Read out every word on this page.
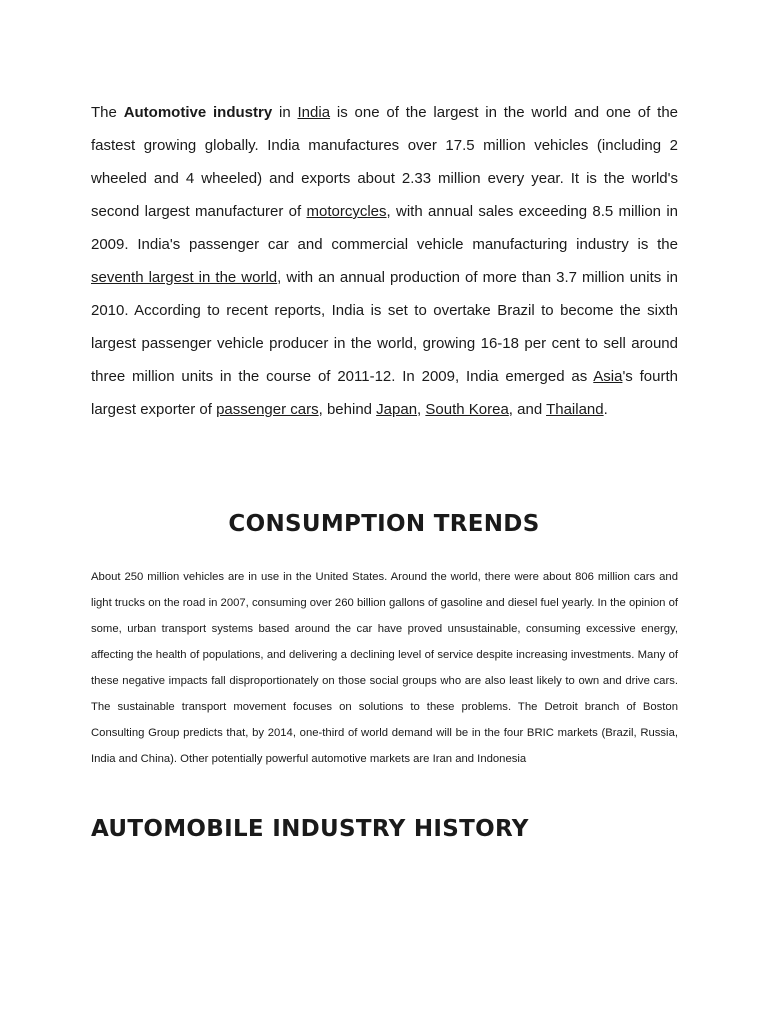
The Automotive industry in India is one of the largest in the world and one of the fastest growing globally. India manufactures over 17.5 million vehicles (including 2 wheeled and 4 wheeled) and exports about 2.33 million every year. It is the world's second largest manufacturer of motorcycles, with annual sales exceeding 8.5 million in 2009. India's passenger car and commercial vehicle manufacturing industry is the seventh largest in the world, with an annual production of more than 3.7 million units in 2010. According to recent reports, India is set to overtake Brazil to become the sixth largest passenger vehicle producer in the world, growing 16-18 per cent to sell around three million units in the course of 2011-12. In 2009, India emerged as Asia's fourth largest exporter of passenger cars, behind Japan, South Korea, and Thailand.

CONSUMPTION TRENDS

About 250 million vehicles are in use in the United States. Around the world, there were about 806 million cars and light trucks on the road in 2007, consuming over 260 billion gallons of gasoline and diesel fuel yearly. In the opinion of some, urban transport systems based around the car have proved unsustainable, consuming excessive energy, affecting the health of populations, and delivering a declining level of service despite increasing investments. Many of these negative impacts fall disproportionately on those social groups who are also least likely to own and drive cars. The sustainable transport movement focuses on solutions to these problems. The Detroit branch of Boston Consulting Group predicts that, by 2014, one-third of world demand will be in the four BRIC markets (Brazil, Russia, India and China). Other potentially powerful automotive markets are Iran and Indonesia

AUTOMOBILE INDUSTRY HISTORY
